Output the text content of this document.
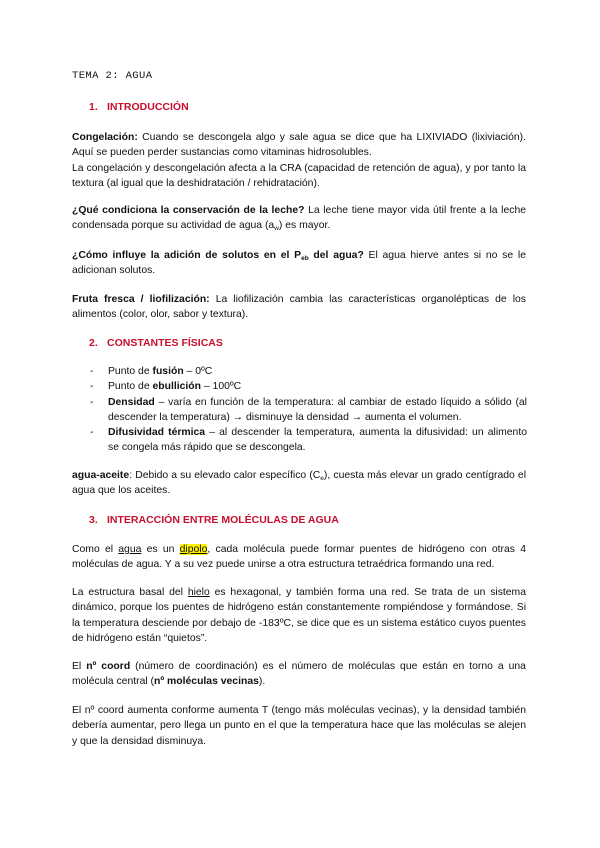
TEMA 2: AGUA

1. INTRODUCCIÓN

Congelación: Cuando se descongela algo y sale agua se dice que ha LIXIVIADO (lixiviación). Aquí se pueden perder sustancias como vitaminas hidrosolubles.
La congelación y descongelación afecta a la CRA (capacidad de retención de agua), y por tanto la textura (al igual que la deshidratación / rehidratación).

¿Qué condiciona la conservación de la leche? La leche tiene mayor vida útil frente a la leche condensada porque su actividad de agua $(a_w)$ es mayor.

¿Cómo influye la adición de solutos en el $P_{eb}$ del agua? El agua hierve antes si no se le adicionan solutos.

Fruta fresca / liofilización: La liofilización cambia las características organolépticas de los alimentos (color, olor, sabor y textura).

2. CONSTANTES FÍSICAS

- Punto de fusión – 0ºC
- Punto de ebullición – 100ºC
- Densidad – varía en función de la temperatura: al cambiar de estado líquido a sólido (al descender la temperatura) → disminuye la densidad → aumenta el volumen.
- Difusividad térmica – al descender la temperatura, aumenta la difusividad: un alimento se congela más rápido que se descongela.

agua-aceite: Debido a su elevado calor específico $(C_e)$, cuesta más elevar un grado centígrado el agua que los aceites.

3. INTERACCIÓN ENTRE MOLÉCULAS DE AGUA

Como el agua es un dipolo, cada molécula puede formar puentes de hidrógeno con otras 4 moléculas de agua. Y a su vez puede unirse a otra estructura tetraédrica formando una red.

La estructura basal del hielo es hexagonal, y también forma una red. Se trata de un sistema dinámico, porque los puentes de hidrógeno están constantemente rompiéndose y formándose. Si la temperatura desciende por debajo de -183ºC, se dice que es un sistema estático cuyos puentes de hidrógeno están “quietos”.

El nº coord (número de coordinación) es el número de moléculas que están en torno a una molécula central (nº moléculas vecinas).

El nº coord aumenta conforme aumenta T (tengo más moléculas vecinas), y la densidad también debería aumentar, pero llega un punto en el que la temperatura hace que las moléculas se alejen y que la densidad disminuya.
